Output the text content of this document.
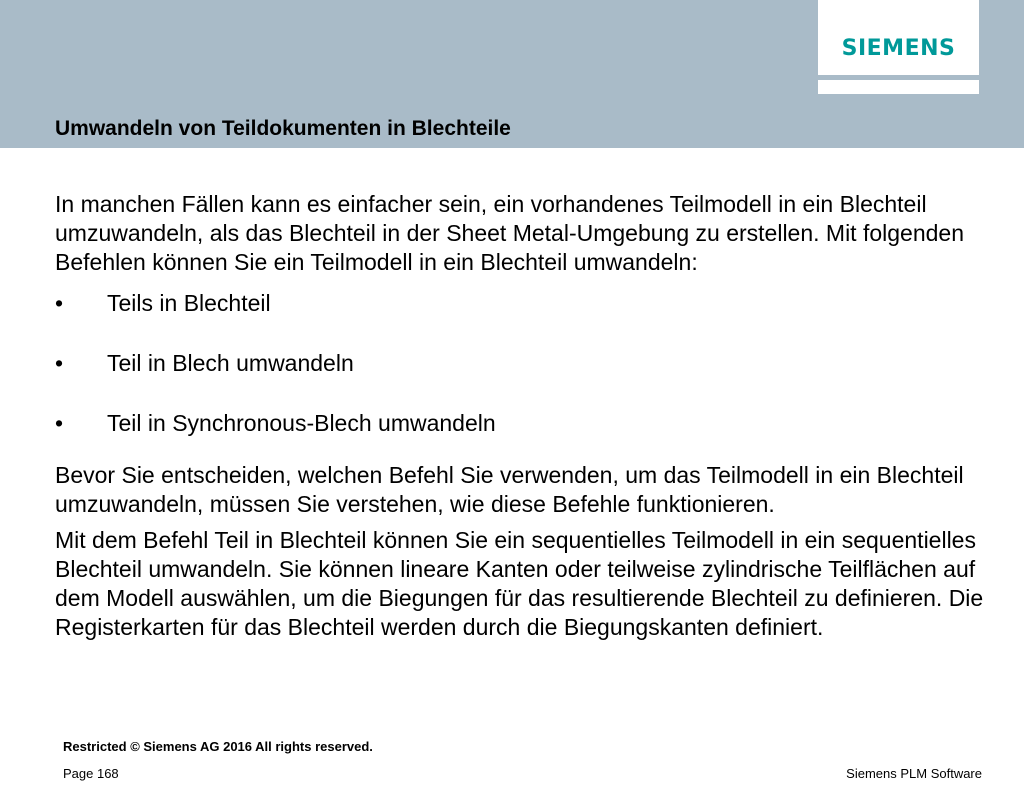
SIEMENS
Umwandeln von Teildokumenten in Blechteile

In manchen Fällen kann es einfacher sein, ein vorhandenes Teilmodell in ein Blechteil umzuwandeln, als das Blechteil in der Sheet Metal-Umgebung zu erstellen. Mit folgenden Befehlen können Sie ein Teilmodell in ein Blechteil umwandeln:

• Teils in Blechteil
• Teil in Blech umwandeln
• Teil in Synchronous-Blech umwandeln

Bevor Sie entscheiden, welchen Befehl Sie verwenden, um das Teilmodell in ein Blechteil umzuwandeln, müssen Sie verstehen, wie diese Befehle funktionieren.

Mit dem Befehl Teil in Blechteil können Sie ein sequentielles Teilmodell in ein sequentielles Blechteil umwandeln. Sie können lineare Kanten oder teilweise zylindrische Teilflächen auf dem Modell auswählen, um die Biegungen für das resultierende Blechteil zu definieren. Die Registerkarten für das Blechteil werden durch die Biegungskanten definiert.

Restricted © Siemens AG 2016 All rights reserved.
Page 168	Siemens PLM Software
